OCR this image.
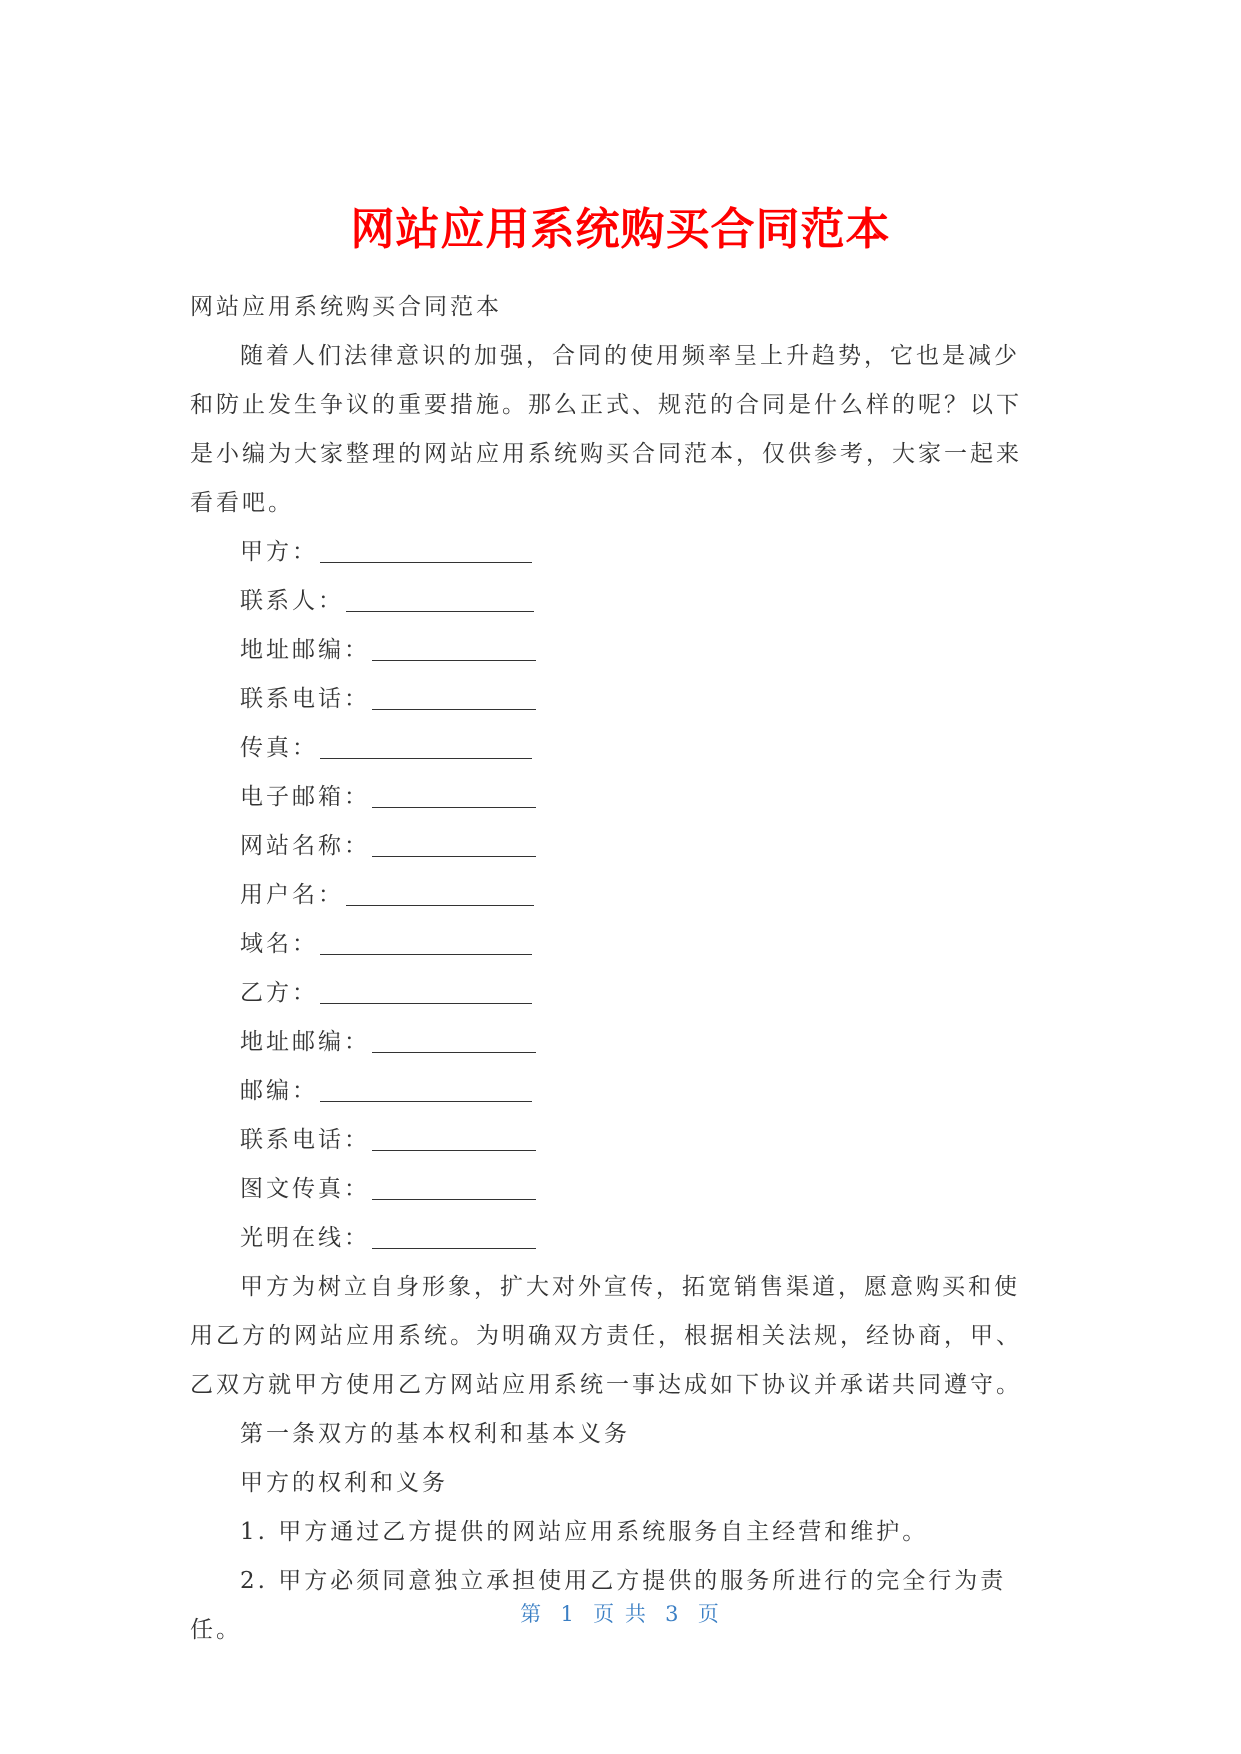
网站应用系统购买合同范本

网站应用系统购买合同范本

随着人们法律意识的加强，合同的使用频率呈上升趋势，它也是减少和防止发生争议的重要措施。那么正式、规范的合同是什么样的呢？以下是小编为大家整理的网站应用系统购买合同范本，仅供参考，大家一起来看看吧。

甲方：

联系人：

地址邮编：

联系电话：

传真：

电子邮箱：

网站名称：

用户名：

域名：

乙方：

地址邮编：

邮编：

联系电话：

图文传真：

光明在线：

甲方为树立自身形象，扩大对外宣传，拓宽销售渠道，愿意购买和使用乙方的网站应用系统。为明确双方责任，根据相关法规，经协商，甲、乙双方就甲方使用乙方网站应用系统一事达成如下协议并承诺共同遵守。

第一条双方的基本权利和基本义务

甲方的权利和义务

1. 甲方通过乙方提供的网站应用系统服务自主经营和维护。

2. 甲方必须同意独立承担使用乙方提供的服务所进行的完全行为责任。

第  1  页 共  3  页
